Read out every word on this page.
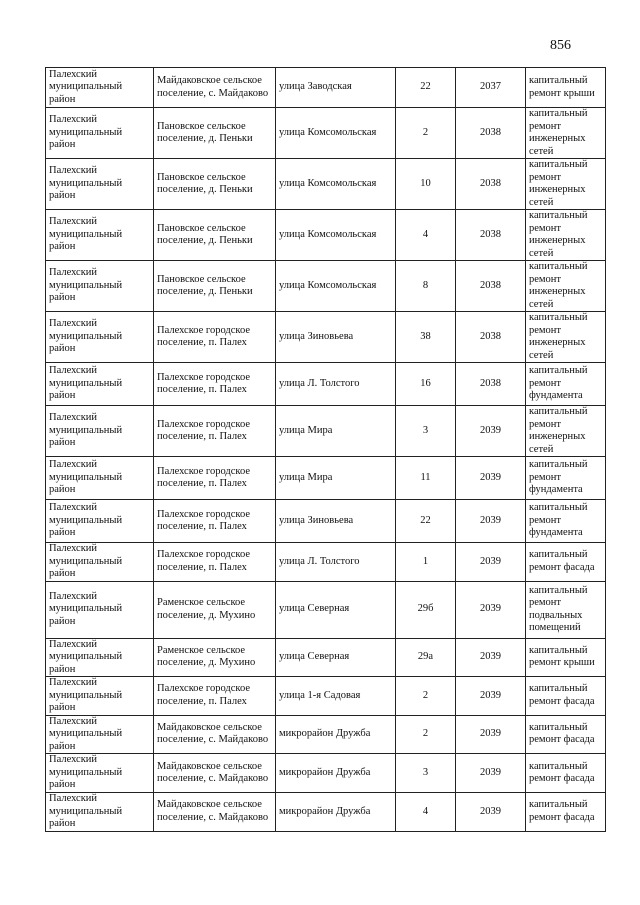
856
Палехский муниципальный район	Майдаковское сельское поселение, с. Майдаково	улица Заводская	22	2037	капитальный ремонт крыши
Палехский муниципальный район	Пановское сельское поселение, д. Пеньки	улица Комсомольская	2	2038	капитальный ремонт инженерных сетей
Палехский муниципальный район	Пановское сельское поселение, д. Пеньки	улица Комсомольская	10	2038	капитальный ремонт инженерных сетей
Палехский муниципальный район	Пановское сельское поселение, д. Пеньки	улица Комсомольская	4	2038	капитальный ремонт инженерных сетей
Палехский муниципальный район	Пановское сельское поселение, д. Пеньки	улица Комсомольская	8	2038	капитальный ремонт инженерных сетей
Палехский муниципальный район	Палехское городское поселение, п. Палех	улица Зиновьева	38	2038	капитальный ремонт инженерных сетей
Палехский муниципальный район	Палехское городское поселение, п. Палех	улица Л. Толстого	16	2038	капитальный ремонт фундамента
Палехский муниципальный район	Палехское городское поселение, п. Палех	улица Мира	3	2039	капитальный ремонт инженерных сетей
Палехский муниципальный район	Палехское городское поселение, п. Палех	улица Мира	11	2039	капитальный ремонт фундамента
Палехский муниципальный район	Палехское городское поселение, п. Палех	улица Зиновьева	22	2039	капитальный ремонт фундамента
Палехский муниципальный район	Палехское городское поселение, п. Палех	улица Л. Толстого	1	2039	капитальный ремонт фасада
Палехский муниципальный район	Раменское сельское поселение, д. Мухино	улица Северная	29б	2039	капитальный ремонт подвальных помещений
Палехский муниципальный район	Раменское сельское поселение, д. Мухино	улица Северная	29а	2039	капитальный ремонт крыши
Палехский муниципальный район	Палехское городское поселение, п. Палех	улица 1-я Садовая	2	2039	капитальный ремонт фасада
Палехский муниципальный район	Майдаковское сельское поселение, с. Майдаково	микрорайон Дружба	2	2039	капитальный ремонт фасада
Палехский муниципальный район	Майдаковское сельское поселение, с. Майдаково	микрорайон Дружба	3	2039	капитальный ремонт фасада
Палехский муниципальный район	Майдаковское сельское поселение, с. Майдаково	микрорайон Дружба	4	2039	капитальный ремонт фасада
